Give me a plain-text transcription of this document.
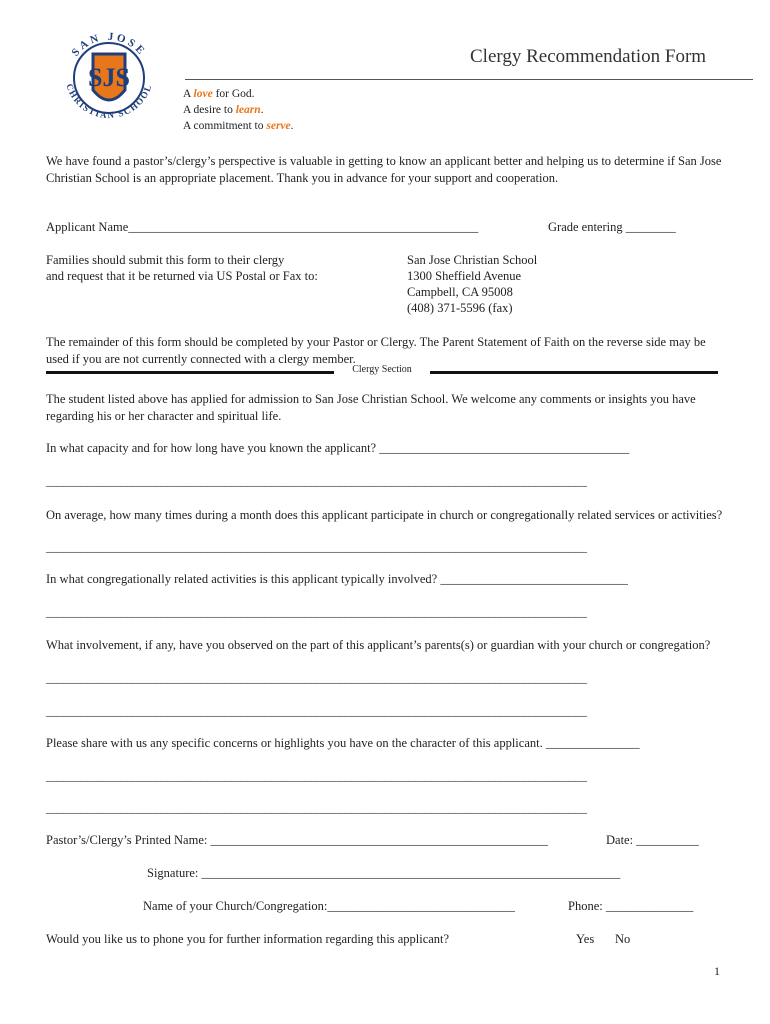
SJS
SAN JOSE
CHRISTIAN SCHOOL
Clergy Recommendation Form
A love for God.
A desire to learn.
A commitment to serve.
We have found a pastor’s/clergy’s perspective is valuable in getting to know an applicant better and helping us to determine if San Jose Christian School is an appropriate placement. Thank you in advance for your support and cooperation.
Applicant Name________________________________________________________	Grade entering ________
Families should submit this form to their clergy
and request that it be returned via US Postal or Fax to:
San Jose Christian School
1300 Sheffield Avenue
Campbell, CA 95008
(408) 371-5596 (fax)
The remainder of this form should be completed by your Pastor or Clergy. The Parent Statement of Faith on the reverse side may be used if you are not currently connected with a clergy member.
Clergy Section
The student listed above has applied for admission to San Jose Christian School. We welcome any comments or insights you have regarding his or her character and spiritual life.
In what capacity and for how long have you known the applicant? ________________________________________
______________________________________________________________________________________________
On average, how many times during a month does this applicant participate in church or congregationally related services or activities?
______________________________________________________________________________________________
In what congregationally related activities is this applicant typically involved? ______________________________
______________________________________________________________________________________________
What involvement, if any, have you observed on the part of this applicant’s parents(s) or guardian with your church or congregation?
______________________________________________________________________________________________
______________________________________________________________________________________________
Please share with us any specific concerns or highlights you have on the character of this applicant. _______________
______________________________________________________________________________________________
______________________________________________________________________________________________
Pastor’s/Clergy’s Printed Name: ______________________________________________________	Date: __________
Signature: ___________________________________________________________________
Name of your Church/Congregation:______________________________	Phone: ______________
Would you like us to phone you for further information regarding this applicant?	Yes No
1
